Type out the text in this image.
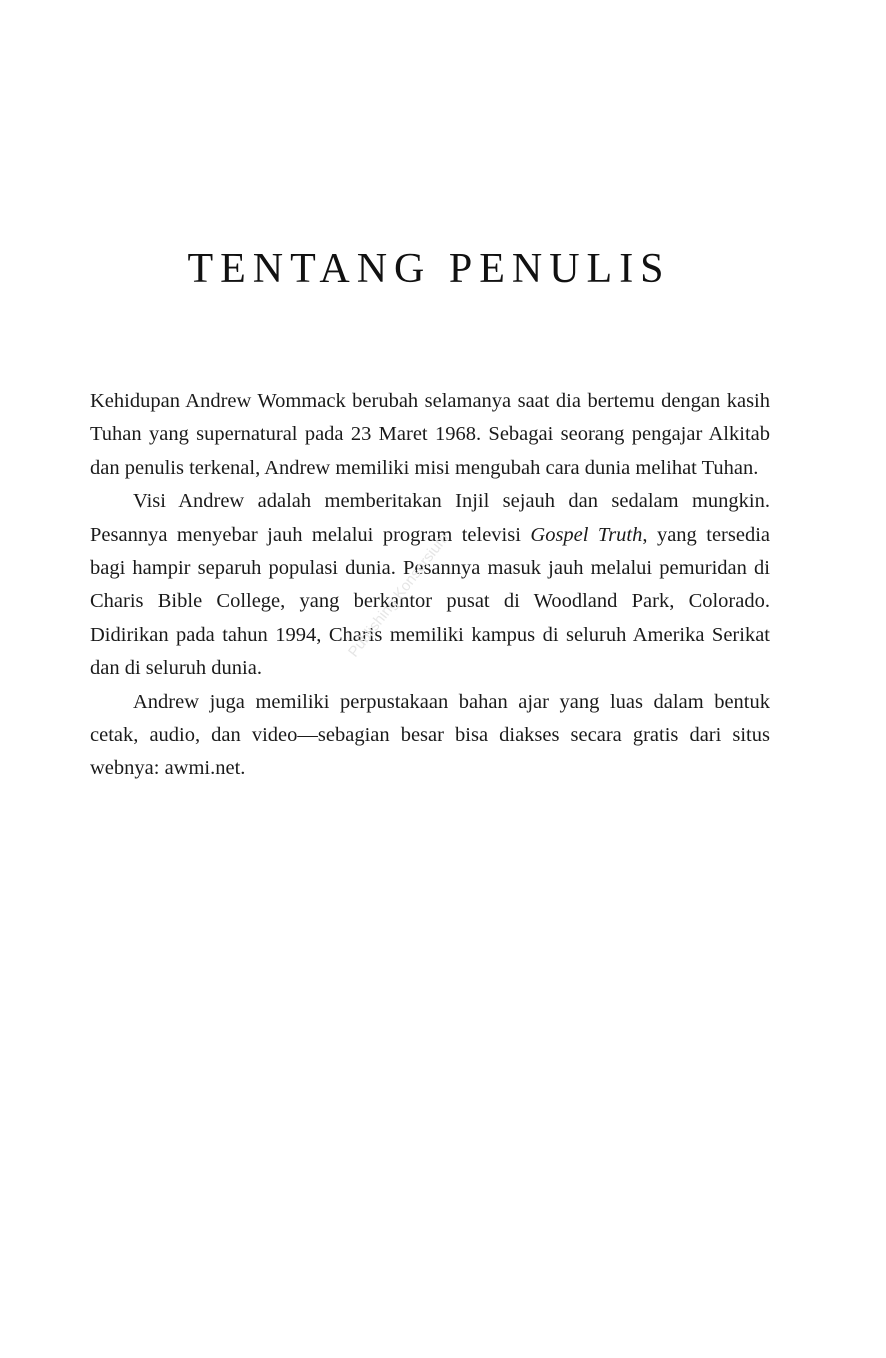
TENTANG PENULIS

Kehidupan Andrew Wommack berubah selamanya saat dia bertemu dengan kasih Tuhan yang supernatural pada 23 Maret 1968. Sebagai seorang pengajar Alkitab dan penulis terkenal, Andrew memiliki misi mengubah cara dunia melihat Tuhan.

Visi Andrew adalah memberitakan Injil sejauh dan sedalam mungkin. Pesannya menyebar jauh melalui program televisi Gospel Truth, yang tersedia bagi hampir separuh populasi dunia. Pesannya masuk jauh melalui pemuridan di Charis Bible College, yang berkantor pusat di Woodland Park, Colorado. Didirikan pada tahun 1994, Charis memiliki kampus di seluruh Amerika Serikat dan di seluruh dunia.

Andrew juga memiliki perpustakaan bahan ajar yang luas dalam bentuk cetak, audio, dan video—sebagian besar bisa diakses secara gratis dari situs webnya: awmi.net.

Publishing Konsorsium
